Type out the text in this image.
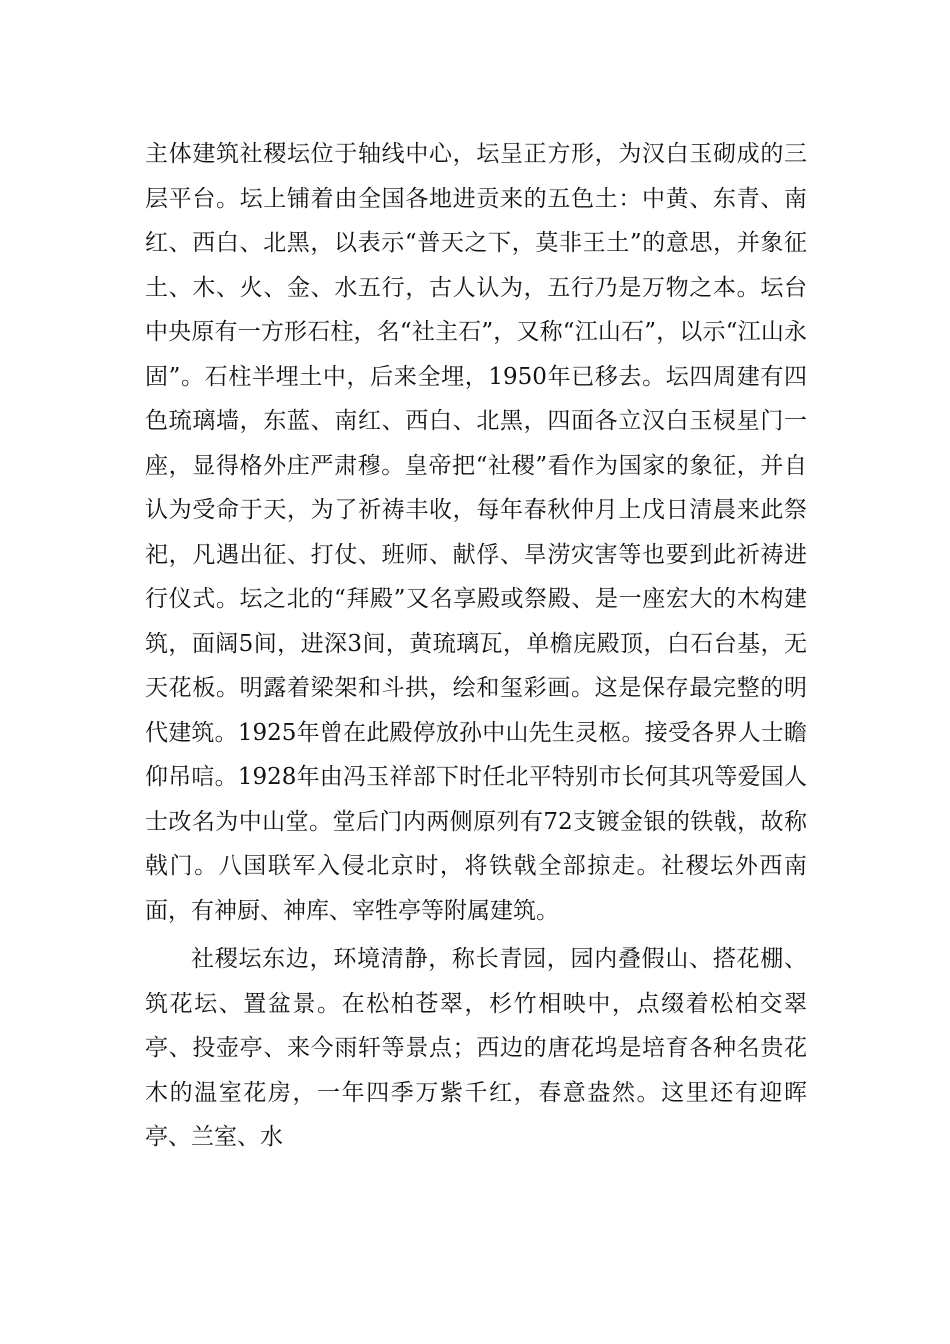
主体建筑社稷坛位于轴线中心，坛呈正方形，为汉白玉砌成的三层平台。坛上铺着由全国各地进贡来的五色土：中黄、东青、南红、西白、北黑，以表示“普天之下，莫非王土”的意思，并象征土、木、火、金、水五行，古人认为，五行乃是万物之本。坛台中央原有一方形石柱，名“社主石”，又称“江山石”，以示“江山永固”。石柱半埋土中，后来全埋，1950年已移去。坛四周建有四色琉璃墙，东蓝、南红、西白、北黑，四面各立汉白玉棂星门一座，显得格外庄严肃穆。皇帝把“社稷”看作为国家的象征，并自认为受命于天，为了祈祷丰收，每年春秋仲月上戊日清晨来此祭祀，凡遇出征、打仗、班师、献俘、旱涝灾害等也要到此祈祷进行仪式。坛之北的“拜殿”又名享殿或祭殿、是一座宏大的木构建筑，面阔5间，进深3间，黄琉璃瓦，单檐庑殿顶，白石台基，无天花板。明露着梁架和斗拱，绘和玺彩画。这是保存最完整的明代建筑。1925年曾在此殿停放孙中山先生灵柩。接受各界人士瞻仰吊唁。1928年由冯玉祥部下时任北平特别市长何其巩等爱国人士改名为中山堂。堂后门内两侧原列有72支镀金银的铁戟，故称戟门。八国联军入侵北京时，将铁戟全部掠走。社稷坛外西南面，有神厨、神库、宰牲亭等附属建筑。

社稷坛东边，环境清静，称长青园，园内叠假山、搭花棚、筑花坛、置盆景。在松柏苍翠，杉竹相映中，点缀着松柏交翠亭、投壶亭、来今雨轩等景点；西边的唐花坞是培育各种名贵花木的温室花房，一年四季万紫千红，春意盎然。这里还有迎晖亭、兰室、水
